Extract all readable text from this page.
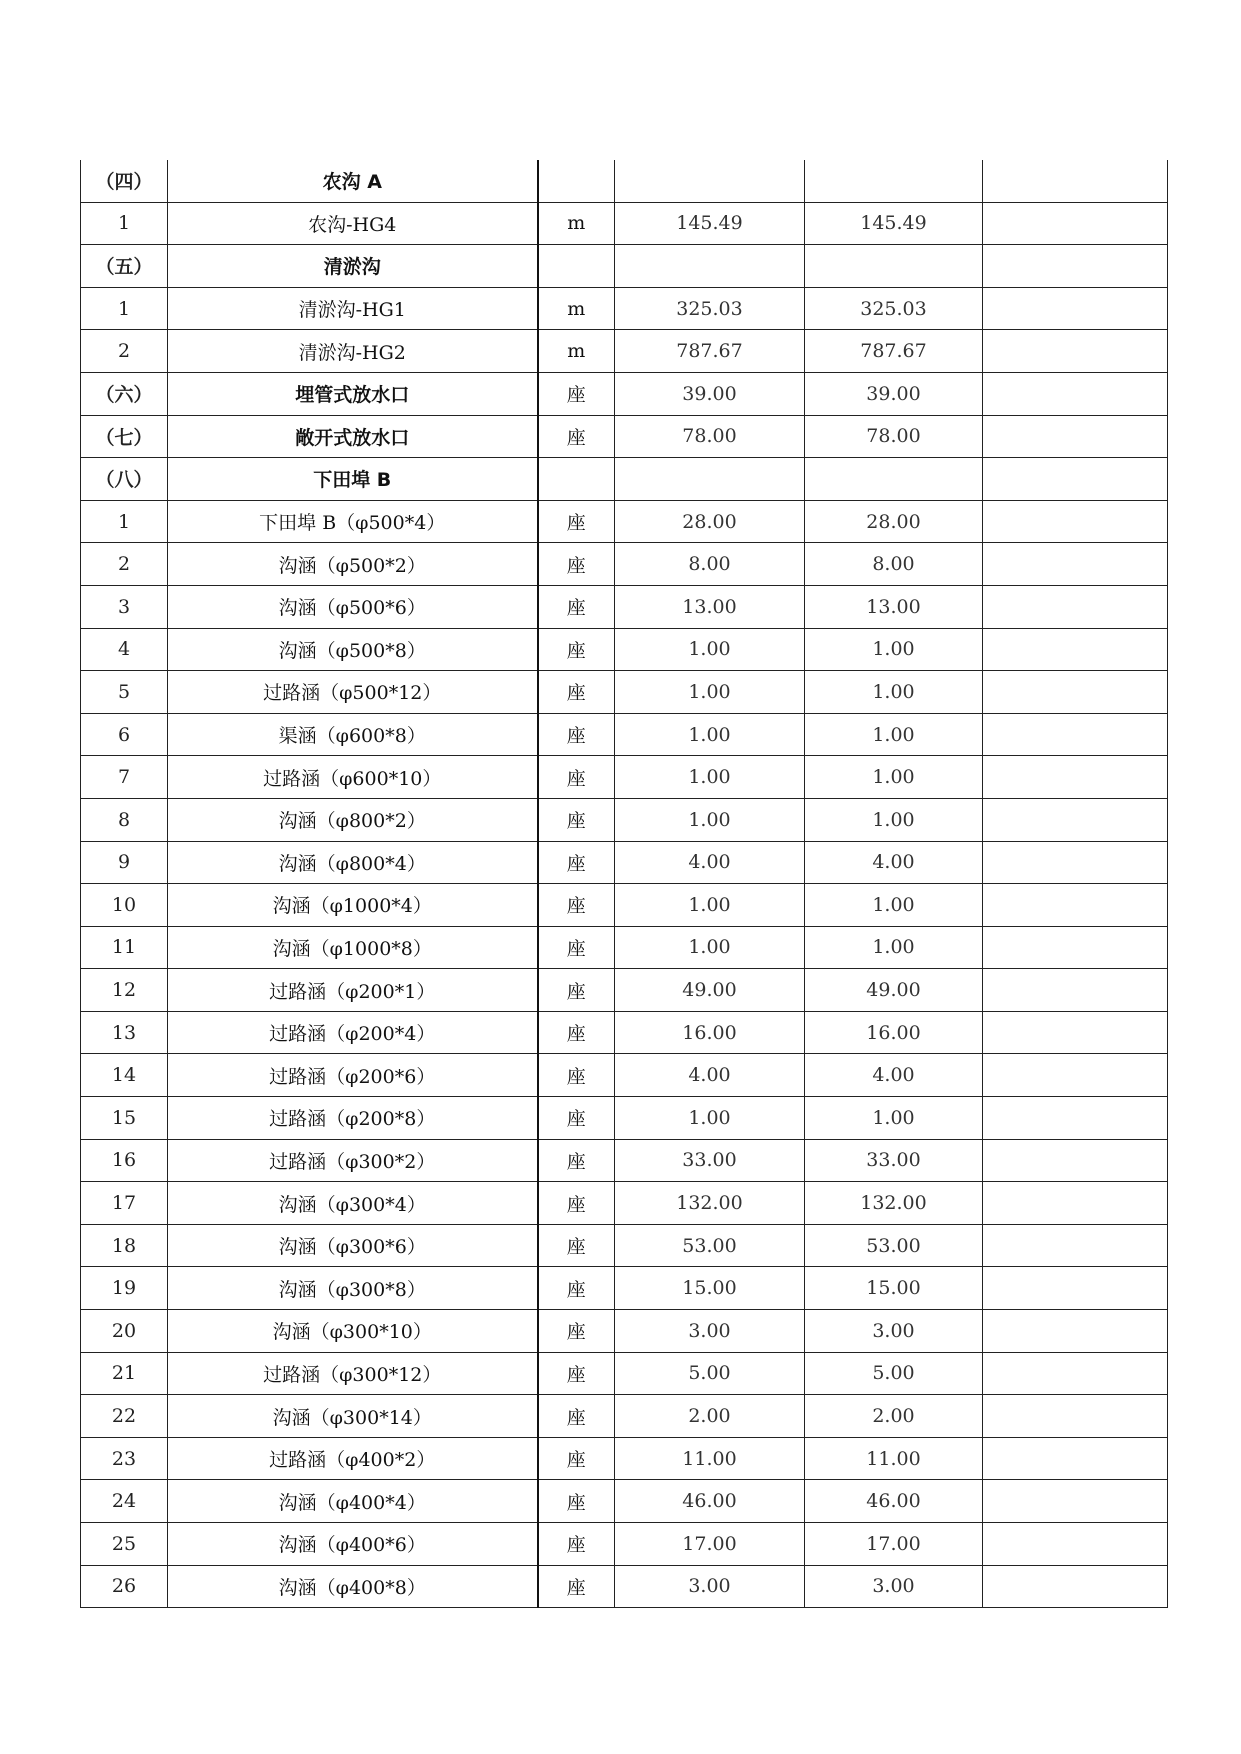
（四）	农沟 A				
1	农沟-HG4	m	145.49	145.49	
（五）	清淤沟				
1	清淤沟-HG1	m	325.03	325.03	
2	清淤沟-HG2	m	787.67	787.67	
（六）	埋管式放水口	座	39.00	39.00	
（七）	敞开式放水口	座	78.00	78.00	
（八）	下田埠 B				
1	下田埠 B（φ500*4）	座	28.00	28.00	
2	沟涵（φ500*2）	座	8.00	8.00	
3	沟涵（φ500*6）	座	13.00	13.00	
4	沟涵（φ500*8）	座	1.00	1.00	
5	过路涵（φ500*12）	座	1.00	1.00	
6	渠涵（φ600*8）	座	1.00	1.00	
7	过路涵（φ600*10）	座	1.00	1.00	
8	沟涵（φ800*2）	座	1.00	1.00	
9	沟涵（φ800*4）	座	4.00	4.00	
10	沟涵（φ1000*4）	座	1.00	1.00	
11	沟涵（φ1000*8）	座	1.00	1.00	
12	过路涵（φ200*1）	座	49.00	49.00	
13	过路涵（φ200*4）	座	16.00	16.00	
14	过路涵（φ200*6）	座	4.00	4.00	
15	过路涵（φ200*8）	座	1.00	1.00	
16	过路涵（φ300*2）	座	33.00	33.00	
17	沟涵（φ300*4）	座	132.00	132.00	
18	沟涵（φ300*6）	座	53.00	53.00	
19	沟涵（φ300*8）	座	15.00	15.00	
20	沟涵（φ300*10）	座	3.00	3.00	
21	过路涵（φ300*12）	座	5.00	5.00	
22	沟涵（φ300*14）	座	2.00	2.00	
23	过路涵（φ400*2）	座	11.00	11.00	
24	沟涵（φ400*4）	座	46.00	46.00	
25	沟涵（φ400*6）	座	17.00	17.00	
26	沟涵（φ400*8）	座	3.00	3.00	
